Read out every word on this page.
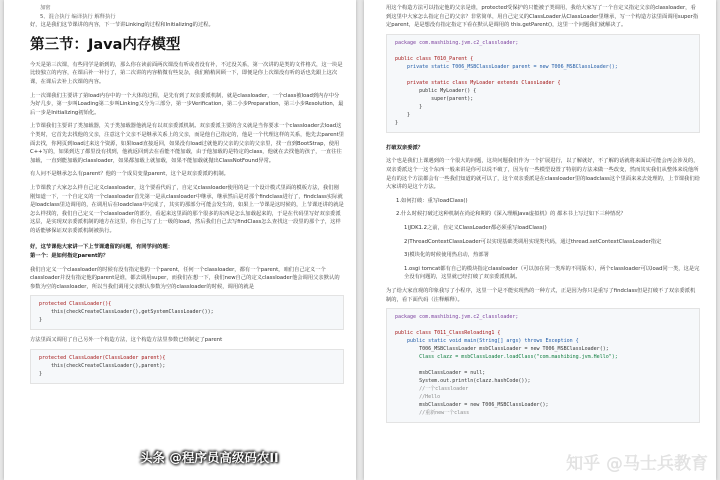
加密

5、混合执行 编译执行 解释执行

好，这是我们这节课讲的内容，下一节讲Linking的过程和Initializing的过程。

第三节：Java内存模型

今天是第三次课，有些同学是新到的，那么你在读前面两次课没有听或者没有补，不过没关系，第一次讲的是类的文件格式，这一块是比较独立的内容，在课后补一补行了，第二次讲的内容稍微有些复杂，我们稍稍回顾一下，即便是你上次课没有听的话也先跟上这次课，在课后去补上次课的内容。

上一次课我们主要讲了第load内存中的一个大体的过程，是先有到了双亲委派机制，就是classloader，一个class被load到内存中分为好几步，第一步叫Loading第二步叫Linking又分为三部分，第一步Verification，第二小步Preparation，第三小步Resolution，最后一步是Initializing初始化。

上节课我们主要讲了类加载器，关于类加载器他就是有以双亲委派机制。双亲委派主要的含义就是当你要求一个classloader去load这个类时，它首先去找他的父亲，注意这个父亲不是继承关系上的父亲，而是他自己指定的，他是一个代理这样的关系，他先去parent里面去找，你网页到load过来这个资源，如果load直接返回，如果没有load过就他的父亲的父亲的父亲里，找一直到BootStrap，使用C++写的，如果到达了都里没有找到，他就返回到去在看能不能加载，由于他加载的是特定的class，他就在去找他的孩子，一直往往加载，一直到能加载的classloader，如果都加载上就加载，如果不能加载就抛出ClassNotFound异常。

有人问不是继承怎么有parent？他的一个成员变量parent，这个是双亲委派的机制。

上节课教了大家怎么样自己定义classloader，这个要看代码了，自定义classloader使用的是一个设计模式里面的模板方法，我们刚刚知道一下，一个自定义的一个classloader首先第一是从classloader中继承，继承然后是对那个findclass进行了，findclass实际就是loadclass里边调用的，在调用后在loadclass中完成了，其实的那部分可能会发生的，如果上一节课是这时候的，上节课还讲的就是怎么样找的，我们自己定义一个classloader的部分，看起来这里面的那个很多的东西是怎么加载起来的，于是在代码里写好双亲委派这层，是实现双亲委派机制的地方在这里，你自己写了上一级的load，然后我们自己去写findClass怎么查找这一段里的那个子，这样的话能够保证双亲委派机制被执行。

好，这节课他大家讲一下上节课遗留的问题，有同学问的题：

第一个：是如何指定parent的？

我们自定义一个classloader的时候有没有指定他的一个parent，任何一个classloader，都有一个parent，咱们自己定义一个classloader并没有指定他的parent是谁，都去调用super，而我们在想一下，我们new自己的定义classloader他会调用父亲默认的参数为空的classloader，所以当我们调用父亲默认参数为空的classloader的时候，调用的就是

protected ClassLoader(){
this(checkCreateClassLoader(),getSystemClassLoader());
}

方法里面又调用了自己另外一个构造方法，这个构造方法里参数已经制定了parent

protected ClassLoader(ClassLoader parent){
this(checkCreateClassLoader(),parent);
}

用这个构造方法可以指定他的父亲是谁，protected受保护的只能被子类调用，我给大家写了一个自定义指定父亲的classloader，看到这里中大家怎么指定自己的父亲？非常简单，用自己定义的ClassLoader从ClassLoader里继承，写一个构造方法里面调用super指定parent，是是想没有指定指定下看在默认是调用的 this.getParent()，这里一个问题我们就解决了。

package com.mashibing.jvm.c2_classloader;

public class T010_Parent {
private static T006_MSBClassLoader parent = new T006_MSBClassLoader();

private static class MyLoader extends ClassLoader {
public MyLoader() {
super(parent);
}
}
}

打破双亲委派？

这个也是我们上课遇到的一个很大的问题，这块问题我们作为一个扩展进行，以了解就好，不了解的话就将来面试可能会再会涉及的，双亲委派这个一这个东西一般来讲是你可以说不破了，因为有一些模型设置了特别的方法来做一些改变，然而其实我们从整体来说他所是有的这个方法都会有一些我们知道的就可以了，这个双亲委派是在classloader里的loadclass这个里面来来去处理的，上节课我们给大家讲的是这个方法。

1.如何打破：重写loadClass()

2.什么时候打破过这种机制在尚论和期的《深入理解Java虚拟机》的 都本书上写过如下三种情况？

1)JDK1.2之前，自定义ClassLoader都必须重写loadClass()

2)ThreadContextClassLoader可以实现基础类调用实现类代码，通过thread.setContextClassLoader指定

3)模块化的时候使用热启动，热部署

1.osgi tomcat都有自己的模块指定classloader（可以加在同一类库的不同版本），两个classloader可以load同一类，这是完全没有问题的，这里就已经打破了双亲委派机制。

为了给大家直观的印象我写了小程序，这里一个是不能实现热的一种方式，正是因为你只是重写了findclass但是打破不了双亲委派机制的，看下面代码（注释解释）。

package com.mashibing.jvm.c2_classloader;

public class T011_ClassReloading1 {
public static void main(String[] args) throws Exception {
T006_MSBClassLoader msbClassLoader = new T006_MSBClassLoader();
Class clazz = msbClassLoader.loadClass("com.mashibing.jvm.Hello");

msbClassLoader = null;
System.out.println(clazz.hashCode());
//一个classloader
//Hello
msbClassLoader = new T006_MSBClassLoader();
//重新new一个class
知乎 @马士兵教育
头条 @程序员高级码农II
